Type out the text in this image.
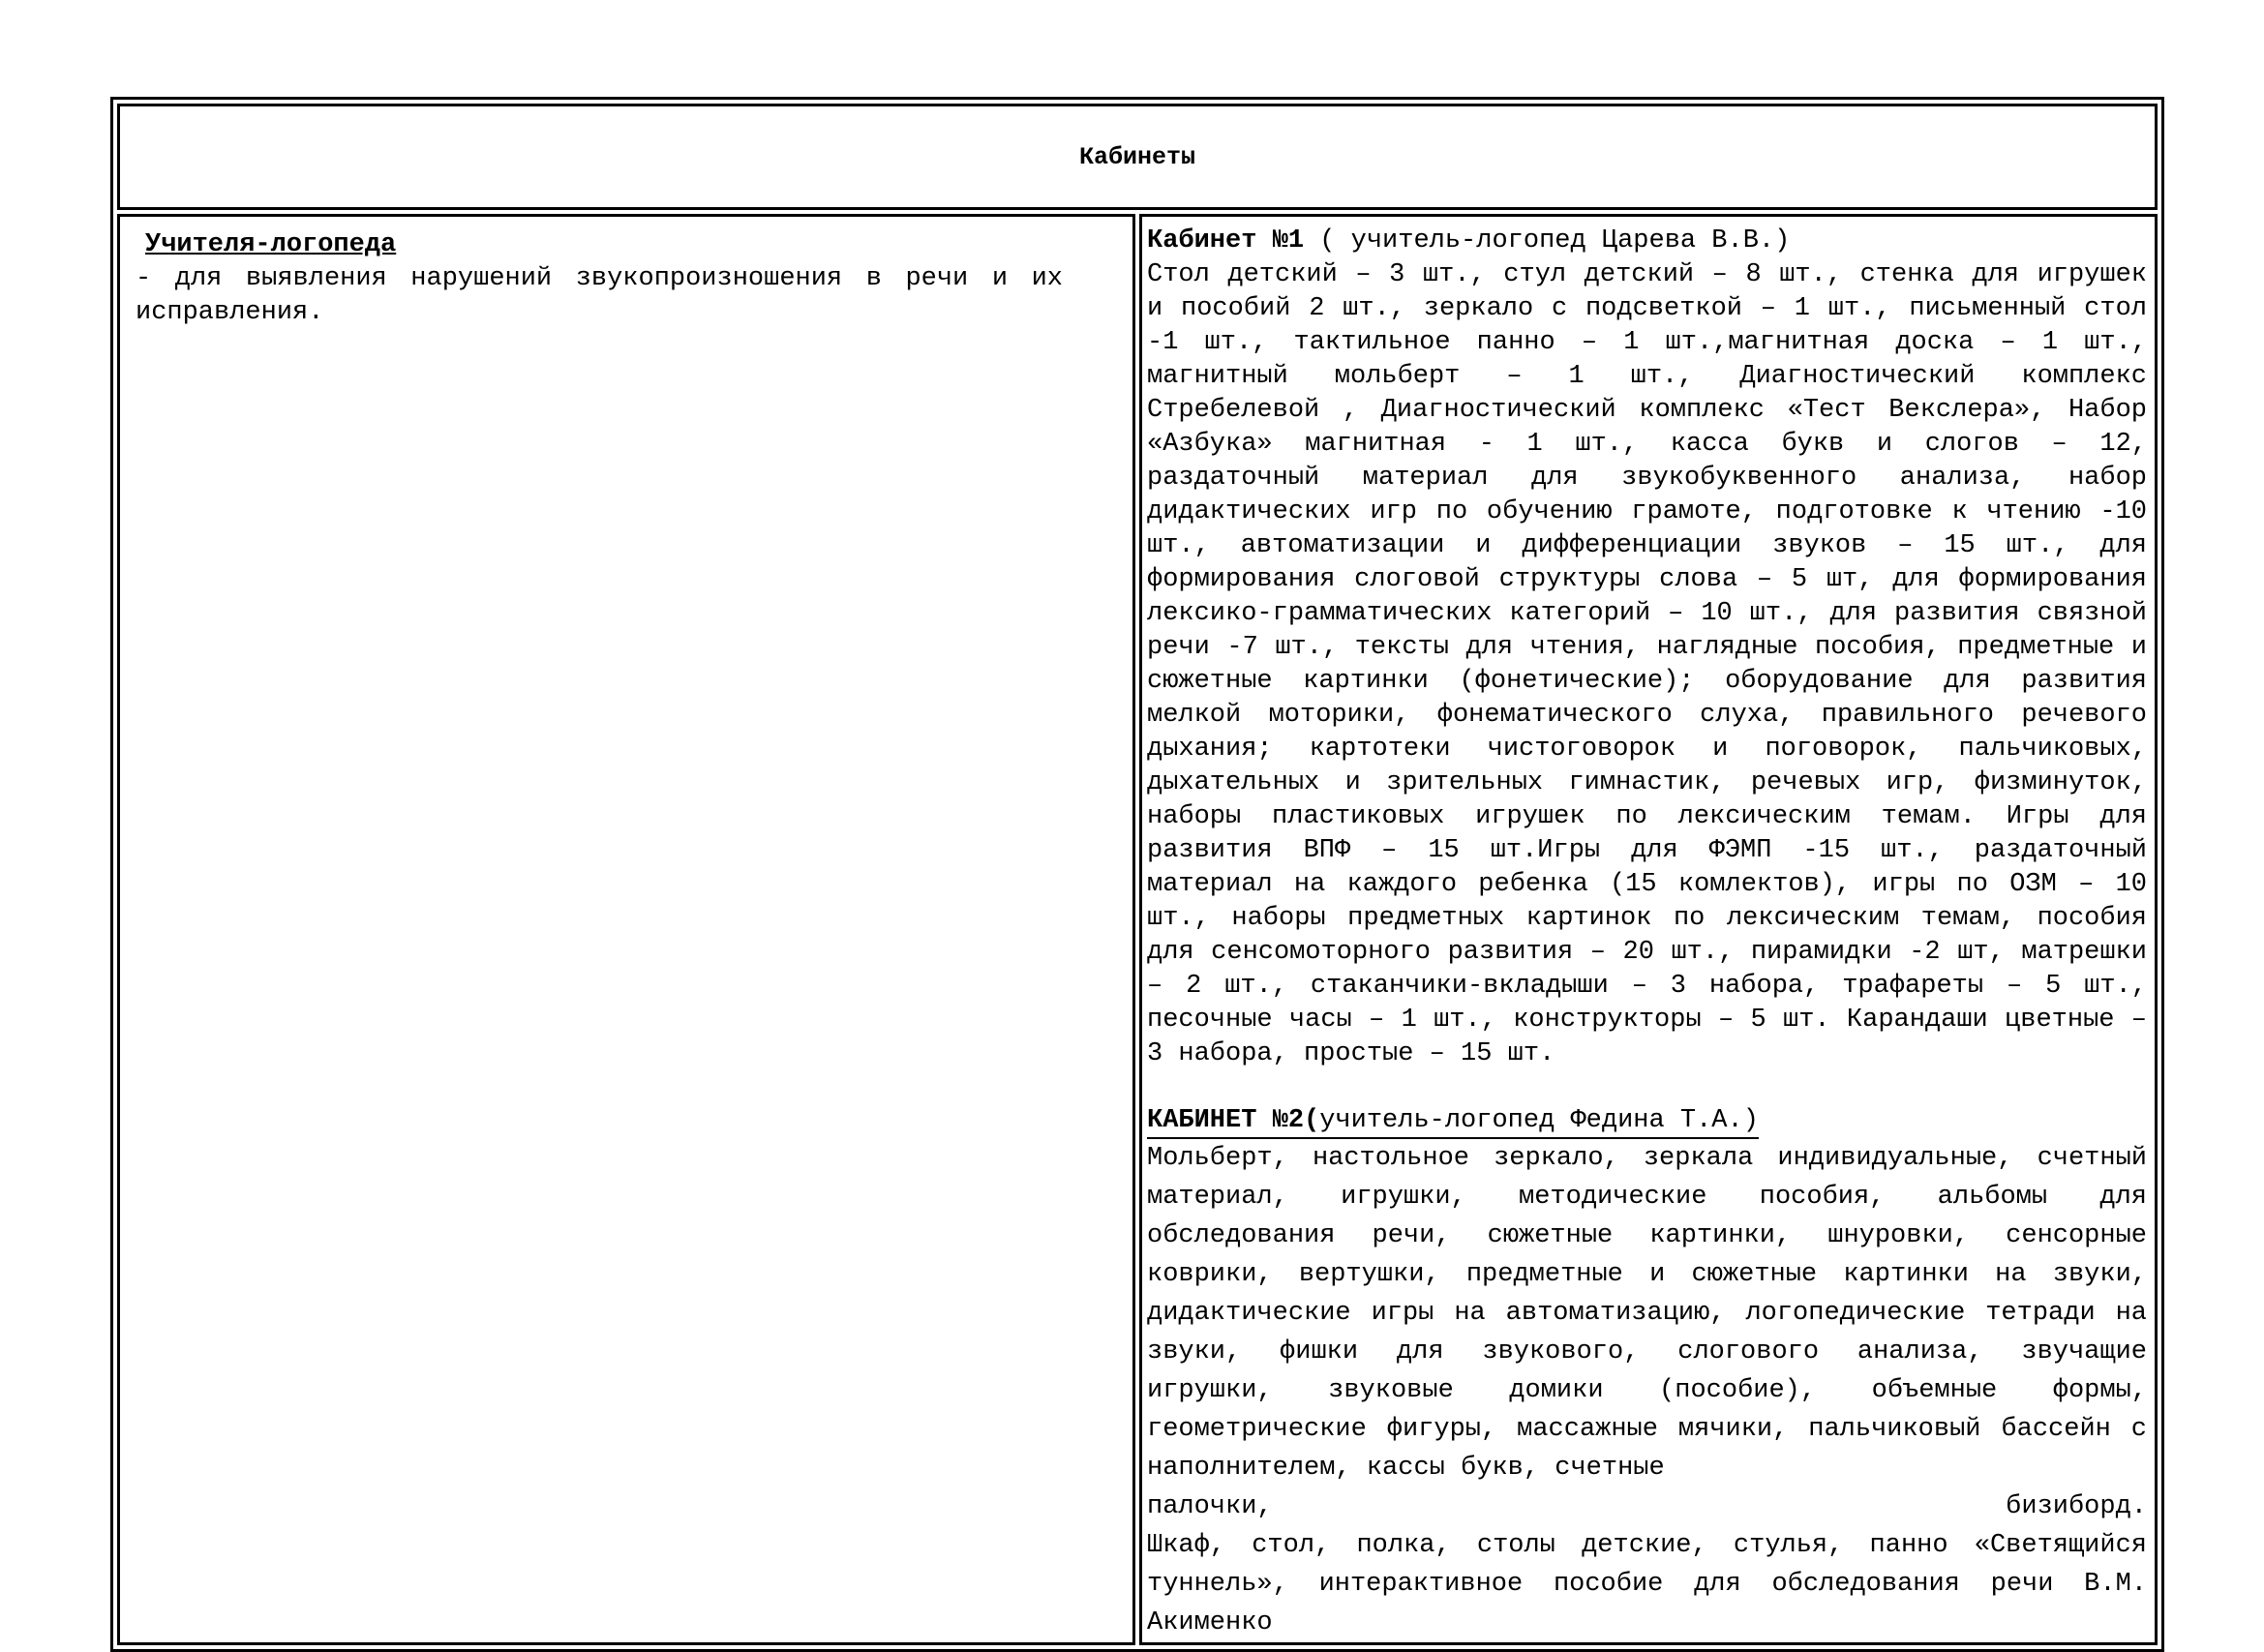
Кабинеты

Учителя-логопеда
- для выявления нарушений звукопроизношения в речи и их исправления.

Кабинет №1 ( учитель-логопед Царева В.В.)

Стол детский – 3 шт., стул детский – 8 шт., стенка для игрушек и пособий 2 шт., зеркало с подсветкой – 1 шт., письменный стол -1 шт., тактильное панно – 1 шт.,магнитная доска – 1 шт., магнитный мольберт – 1 шт., Диагностический комплекс Стребелевой , Диагностический комплекс «Тест Векслера», Набор «Азбука» магнитная - 1 шт., касса букв и слогов – 12, раздаточный материал для звукобуквенного анализа, набор дидактических игр по обучению грамоте, подготовке к чтению -10 шт., автоматизации и дифференциации звуков – 15 шт., для формирования слоговой структуры слова – 5 шт, для формирования лексико-грамматических категорий – 10 шт., для развития связной речи -7 шт., тексты для чтения, наглядные пособия, предметные и сюжетные картинки (фонетические); оборудование для развития мелкой моторики, фонематического слуха, правильного речевого дыхания; картотеки чистоговорок и поговорок, пальчиковых, дыхательных и зрительных гимнастик, речевых игр, физминуток, наборы пластиковых игрушек по лексическим темам. Игры для развития ВПФ – 15 шт.Игры для ФЭМП -15 шт., раздаточный материал на каждого ребенка (15 комлектов), игры по ОЗМ – 10 шт., наборы предметных картинок по лексическим темам, пособия для сенсомоторного развития – 20 шт., пирамидки -2 шт, матрешки – 2 шт., стаканчики-вкладыши – 3 набора, трафареты – 5 шт., песочные часы – 1 шт., конструкторы – 5 шт. Карандаши цветные – 3 набора, простые – 15 шт.

КАБИНЕТ №2(учитель-логопед Федина Т.А.)

Мольберт, настольное зеркало, зеркала индивидуальные, счетный материал, игрушки, методические пособия, альбомы для обследования речи, сюжетные картинки, шнуровки, сенсорные коврики, вертушки, предметные и сюжетные картинки на звуки, дидактические игры на автоматизацию, логопедические тетради на звуки, фишки для звукового, слогового анализа, звучащие игрушки, звуковые домики (пособие), объемные формы, геометрические фигуры, массажные мячики, пальчиковый бассейн с наполнителем, кассы букв, счетные

палочки,	бизиборд.

Шкаф, стол, полка, столы детские, стулья, панно «Светящийся туннель», интерактивное пособие для обследования речи В.М. Акименко
